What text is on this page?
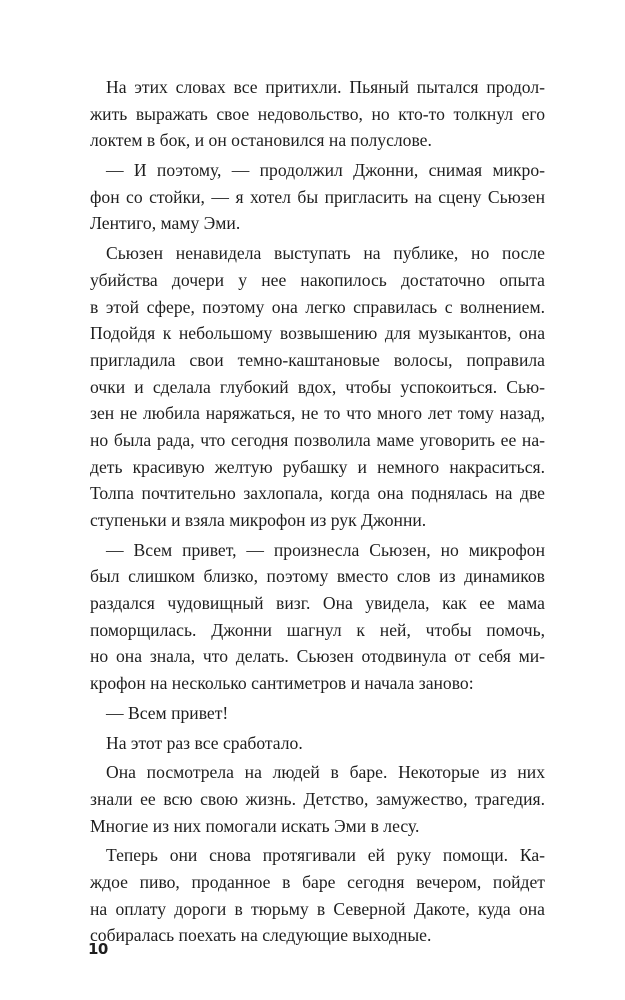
На этих словах все притихли. Пьяный пытался продол-
жить выражать свое недовольство, но кто-то толкнул его
локтем в бок, и он остановился на полуслове.
— И поэтому, — продолжил Джонни, снимая микро-
фон со стойки, — я хотел бы пригласить на сцену Сьюзен
Лентиго, маму Эми.
Сьюзен ненавидела выступать на публике, но после
убийства дочери у нее накопилось достаточно опыта
в этой сфере, поэтому она легко справилась с волнением.
Подойдя к небольшому возвышению для музыкантов, она
пригладила свои темно-каштановые волосы, поправила
очки и сделала глубокий вдох, чтобы успокоиться. Сью-
зен не любила наряжаться, не то что много лет тому назад,
но была рада, что сегодня позволила маме уговорить ее на-
деть красивую желтую рубашку и немного накраситься.
Толпа почтительно захлопала, когда она поднялась на две
ступеньки и взяла микрофон из рук Джонни.
— Всем привет, — произнесла Сьюзен, но микрофон
был слишком близко, поэтому вместо слов из динамиков
раздался чудовищный визг. Она увидела, как ее мама
поморщилась. Джонни шагнул к ней, чтобы помочь,
но она знала, что делать. Сьюзен отодвинула от себя ми-
крофон на несколько сантиметров и начала заново:
— Всем привет!
На этот раз все сработало.
Она посмотрела на людей в баре. Некоторые из них
знали ее всю свою жизнь. Детство, замужество, трагедия.
Многие из них помогали искать Эми в лесу.
Теперь они снова протягивали ей руку помощи. Ка-
ждое пиво, проданное в баре сегодня вечером, пойдет
на оплату дороги в тюрьму в Северной Дакоте, куда она
собиралась поехать на следующие выходные.
10
